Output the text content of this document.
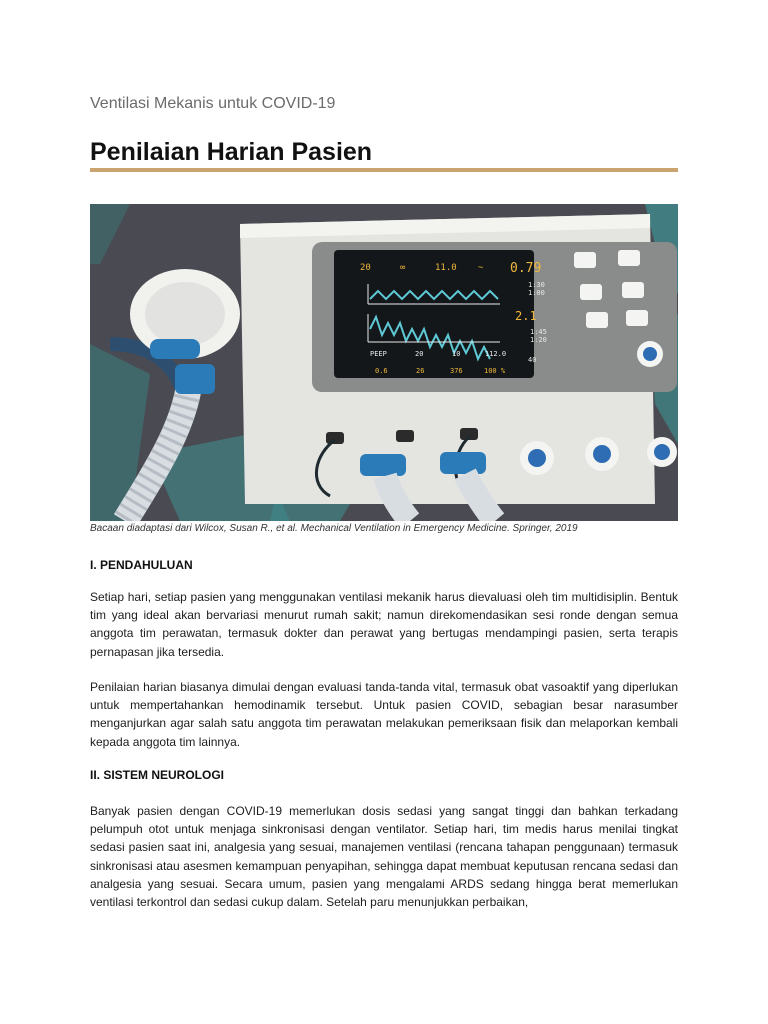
Ventilasi Mekanis untuk COVID-19
Penilaian Harian Pasien
20	∞	11.0 ~ 0.79
1:30
1:00
1:45
1:20
40
2.1
PEEP	20	10	112.0
0.6	26	376	100 %
Bacaan diadaptasi dari Wilcox, Susan R., et al. Mechanical Ventilation in Emergency Medicine. Springer, 2019
I. PENDAHULUAN
Setiap hari, setiap pasien yang menggunakan ventilasi mekanik harus dievaluasi oleh tim multidisiplin. Bentuk tim yang ideal akan bervariasi menurut rumah sakit; namun direkomendasikan sesi ronde dengan semua anggota tim perawatan, termasuk dokter dan perawat yang bertugas mendampingi pasien, serta terapis pernapasan jika tersedia.
Penilaian harian biasanya dimulai dengan evaluasi tanda-tanda vital, termasuk obat vasoaktif yang diperlukan untuk mempertahankan hemodinamik tersebut. Untuk pasien COVID, sebagian besar narasumber menganjurkan agar salah satu anggota tim perawatan melakukan pemeriksaan fisik dan melaporkan kembali kepada anggota tim lainnya.
II. SISTEM NEUROLOGI
Banyak pasien dengan COVID-19 memerlukan dosis sedasi yang sangat tinggi dan bahkan terkadang pelumpuh otot untuk menjaga sinkronisasi dengan ventilator. Setiap hari, tim medis harus menilai tingkat sedasi pasien saat ini, analgesia yang sesuai, manajemen ventilasi (rencana tahapan penggunaan) termasuk sinkronisasi atau asesmen kemampuan penyapihan, sehingga dapat membuat keputusan rencana sedasi dan analgesia yang sesuai. Secara umum, pasien yang mengalami ARDS sedang hingga berat memerlukan ventilasi terkontrol dan sedasi cukup dalam. Setelah paru menunjukkan perbaikan,
